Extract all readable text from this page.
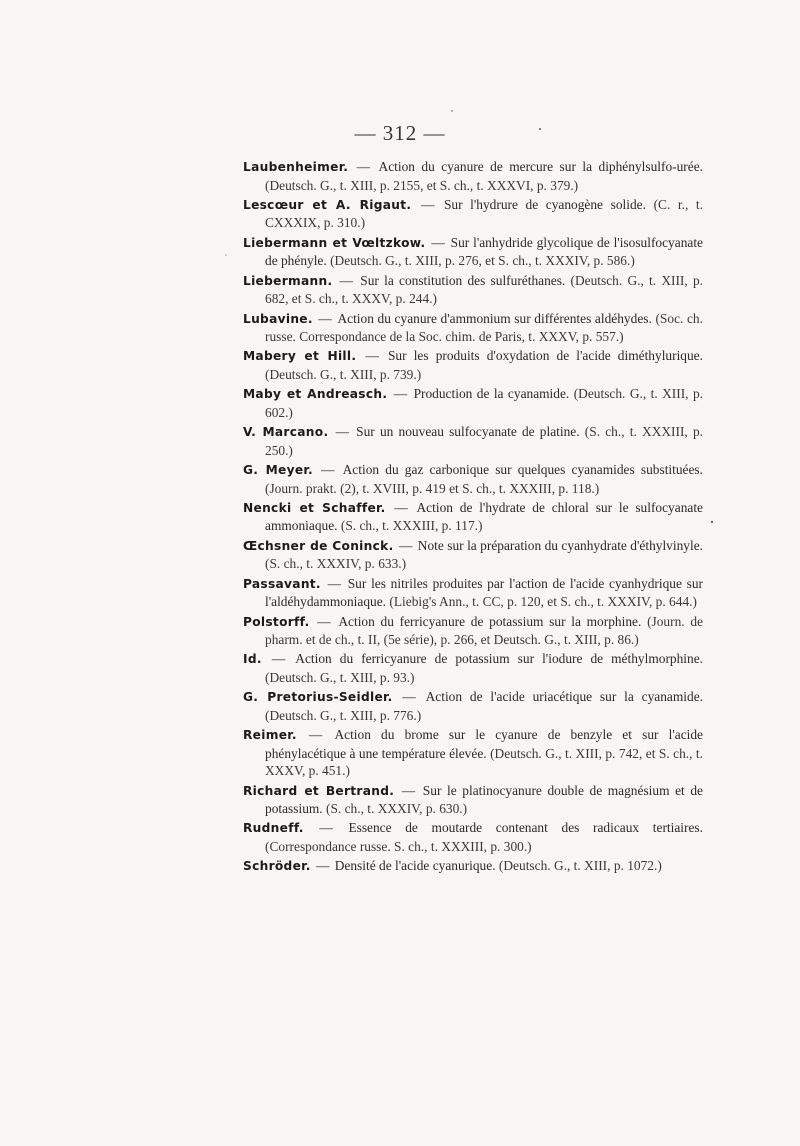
— 312 —

Laubenheimer. — Action du cyanure de mercure sur la diphénylsulfo-urée. (Deutsch. G., t. XIII, p. 2155, et S. ch., t. XXXVI, p. 379.)

Lescœur et A. Rigaut. — Sur l'hydrure de cyanogène solide. (C. r., t. CXXXIX, p. 310.)

Liebermann et Vœltzkow. — Sur l'anhydride glycolique de l'isosulfocyanate de phényle. (Deutsch. G., t. XIII, p. 276, et S. ch., t. XXXIV, p. 586.)

Liebermann. — Sur la constitution des sulfuréthanes. (Deutsch. G., t. XIII, p. 682, et S. ch., t. XXXV, p. 244.)

Lubavine. — Action du cyanure d'ammonium sur différentes aldéhydes. (Soc. ch. russe. Correspondance de la Soc. chim. de Paris, t. XXXV, p. 557.)

Mabery et Hill. — Sur les produits d'oxydation de l'acide diméthylurique. (Deutsch. G., t. XIII, p. 739.)

Maby et Andreasch. — Production de la cyanamide. (Deutsch. G., t. XIII, p. 602.)

V. Marcano. — Sur un nouveau sulfocyanate de platine. (S. ch., t. XXXIII, p. 250.)

G. Meyer. — Action du gaz carbonique sur quelques cyanamides substituées. (Journ. prakt. (2), t. XVIII, p. 419 et S. ch., t. XXXIII, p. 118.)

Nencki et Schaffer. — Action de l'hydrate de chloral sur le sulfocyanate ammoniaque. (S. ch., t. XXXIII, p. 117.)

Œchsner de Coninck. — Note sur la préparation du cyanhydrate d'éthylvinyle. (S. ch., t. XXXIV, p. 633.)

Passavant. — Sur les nitriles produites par l'action de l'acide cyanhydrique sur l'aldéhydammoniaque. (Liebig's Ann., t. CC, p. 120, et S. ch., t. XXXIV, p. 644.)

Polstorff. — Action du ferricyanure de potassium sur la morphine. (Journ. de pharm. et de ch., t. II, (5e série), p. 266, et Deutsch. G., t. XIII, p. 86.)

Id. — Action du ferricyanure de potassium sur l'iodure de méthylmorphine. (Deutsch. G., t. XIII, p. 93.)

G. Pretorius-Seidler. — Action de l'acide uriacétique sur la cyanamide. (Deutsch. G., t. XIII, p. 776.)

Reimer. — Action du brome sur le cyanure de benzyle et sur l'acide phénylacétique à une température élevée. (Deutsch. G., t. XIII, p. 742, et S. ch., t. XXXV, p. 451.)

Richard et Bertrand. — Sur le platinocyanure double de magnésium et de potassium. (S. ch., t. XXXIV, p. 630.)

Rudneff. — Essence de moutarde contenant des radicaux tertiaires. (Correspondance russe. S. ch., t. XXXIII, p. 300.)

Schröder. — Densité de l'acide cyanurique. (Deutsch. G., t. XIII, p. 1072.)
